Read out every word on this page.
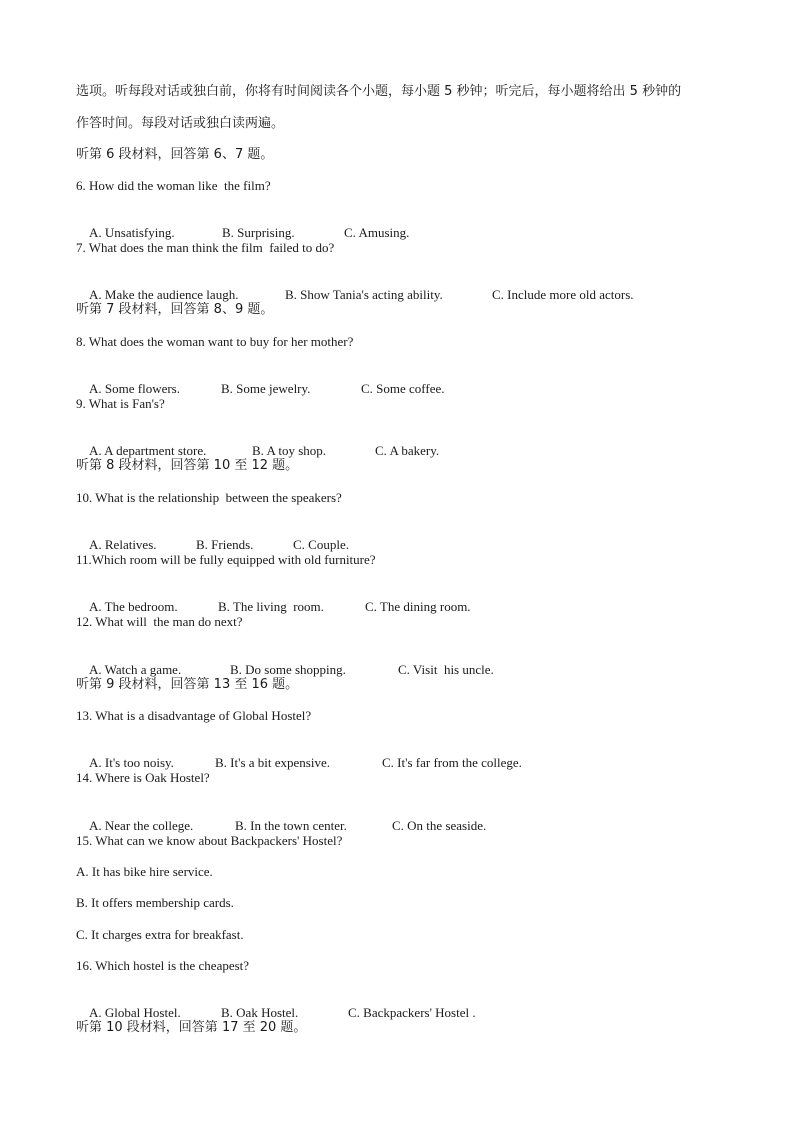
选项。听每段对话或独白前，你将有时间阅读各个小题，每小题 5 秒钟；听完后，每小题将给出 5 秒钟的
作答时间。每段对话或独白读两遍。
听第 6 段材料，回答第 6、7 题。
6. How did the woman like  the film?

A. Unsatisfying.	B. Surprising.	C. Amusing.

7. What does the man think the film  failed to do?

A. Make the audience laugh.	B. Show Tania's acting ability.	C. Include more old actors.

听第 7 段材料，回答第 8、9 题。
8. What does the woman want to buy for her mother?

A. Some flowers.	B. Some jewelry.	C. Some coffee.

9. What is Fan's?

A. A department store.	B. A toy shop.	C. A bakery.

听第 8 段材料，回答第 10 至 12 题。
10. What is the relationship  between the speakers?

A. Relatives.	B. Friends.	C. Couple.

11.Which room will be fully equipped with old furniture?

A. The bedroom.	B. The living  room.	C. The dining room.

12. What will  the man do next?

A. Watch a game.	B. Do some shopping.	C. Visit  his uncle.

听第 9 段材料，回答第 13 至 16 题。
13. What is a disadvantage of Global Hostel?

A. It's too noisy.	B. It's a bit expensive.	C. It's far from the college.

14. Where is Oak Hostel?

A. Near the college.	B. In the town center.	C. On the seaside.

15. What can we know about Backpackers' Hostel?
A. It has bike hire service.
B. It offers membership cards.
C. It charges extra for breakfast.
16. Which hostel is the cheapest?

A. Global Hostel.	B. Oak Hostel.	C. Backpackers' Hostel .

听第 10 段材料，回答第 17 至 20 题。
